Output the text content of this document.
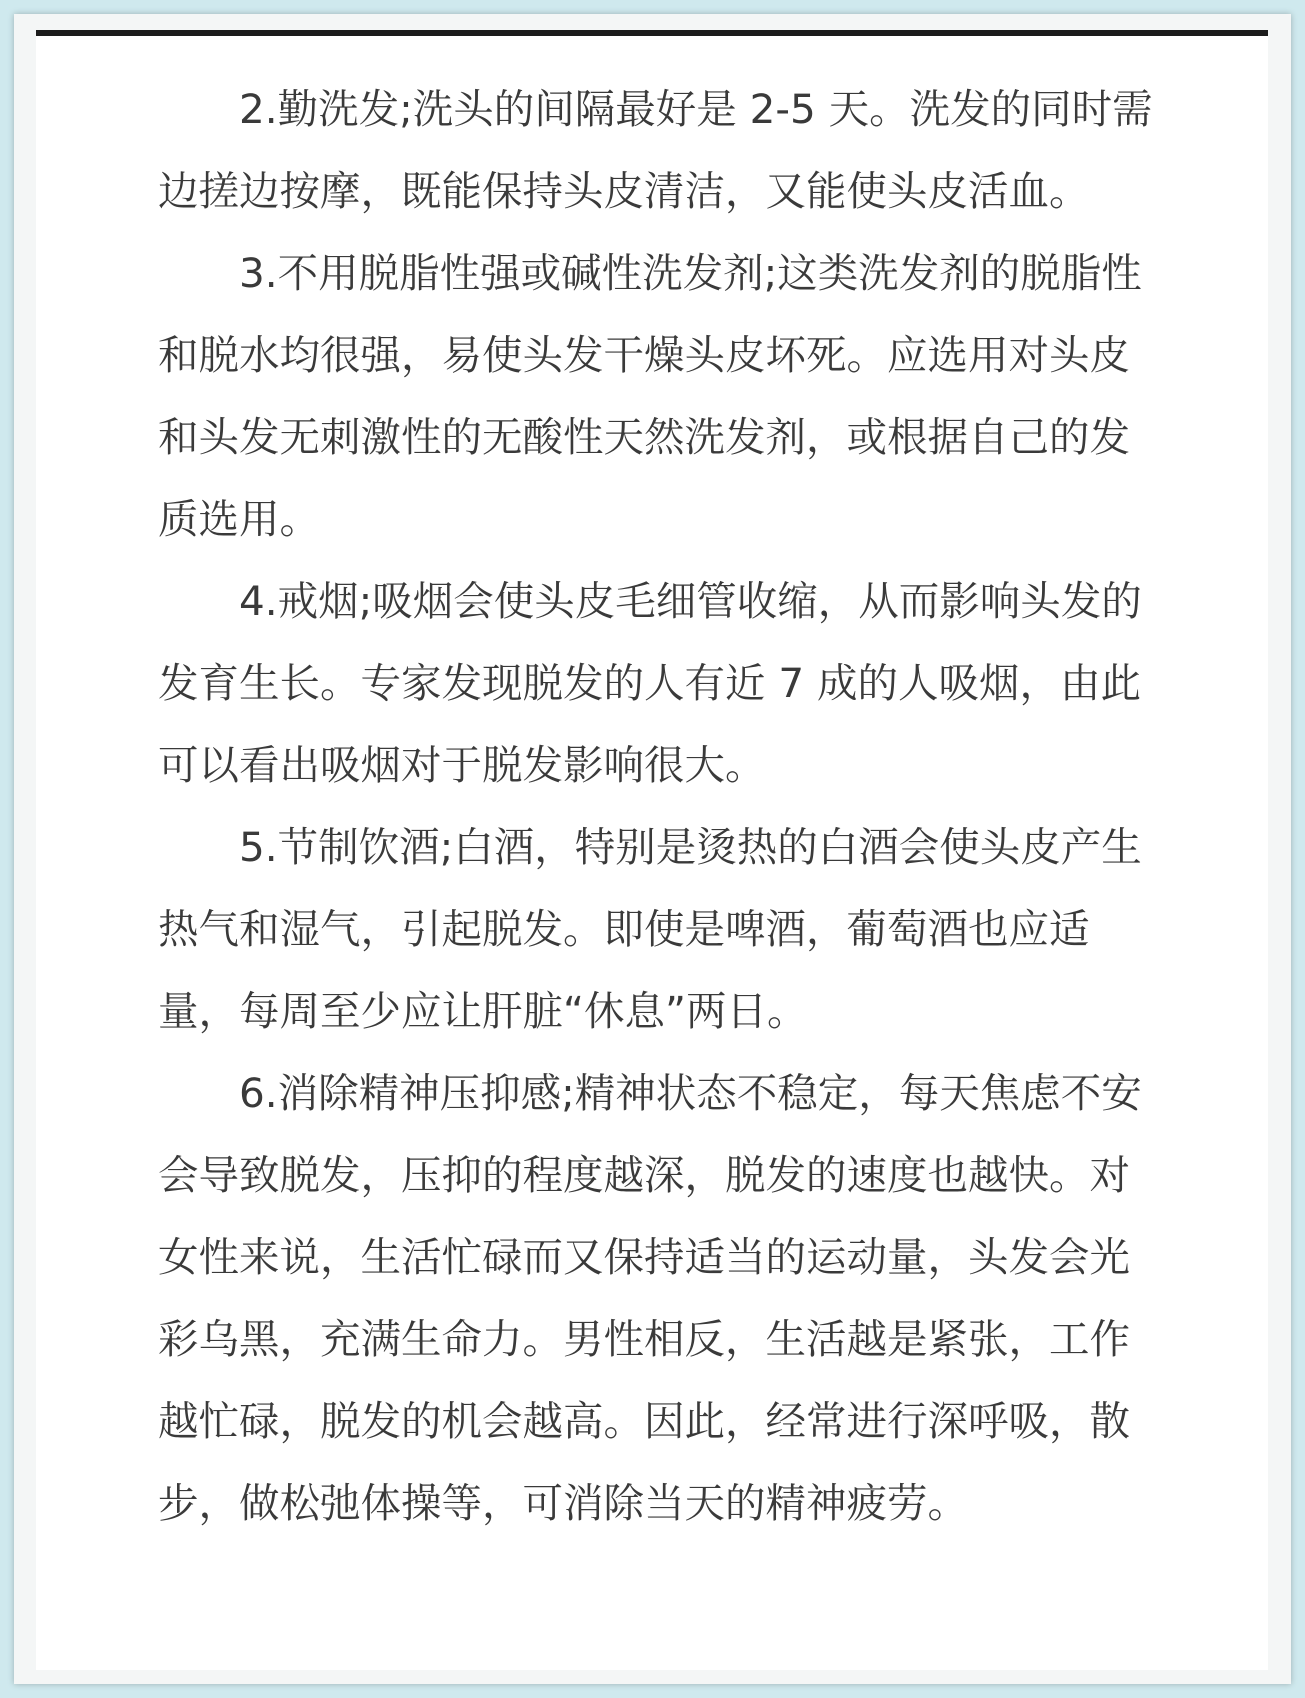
2.勤洗发;洗头的间隔最好是 2-5 天。洗发的同时需边搓边按摩，既能保持头皮清洁，又能使头皮活血。

3.不用脱脂性强或碱性洗发剂;这类洗发剂的脱脂性和脱水均很强，易使头发干燥头皮坏死。应选用对头皮和头发无刺激性的无酸性天然洗发剂，或根据自己的发质选用。

4.戒烟;吸烟会使头皮毛细管收缩，从而影响头发的发育生长。专家发现脱发的人有近 7 成的人吸烟，由此可以看出吸烟对于脱发影响很大。

5.节制饮酒;白酒，特别是烫热的白酒会使头皮产生热气和湿气，引起脱发。即使是啤酒，葡萄酒也应适量，每周至少应让肝脏“休息”两日。

6.消除精神压抑感;精神状态不稳定，每天焦虑不安会导致脱发，压抑的程度越深，脱发的速度也越快。对女性来说，生活忙碌而又保持适当的运动量，头发会光彩乌黑，充满生命力。男性相反，生活越是紧张，工作越忙碌，脱发的机会越高。因此，经常进行深呼吸，散步，做松弛体操等，可消除当天的精神疲劳。
